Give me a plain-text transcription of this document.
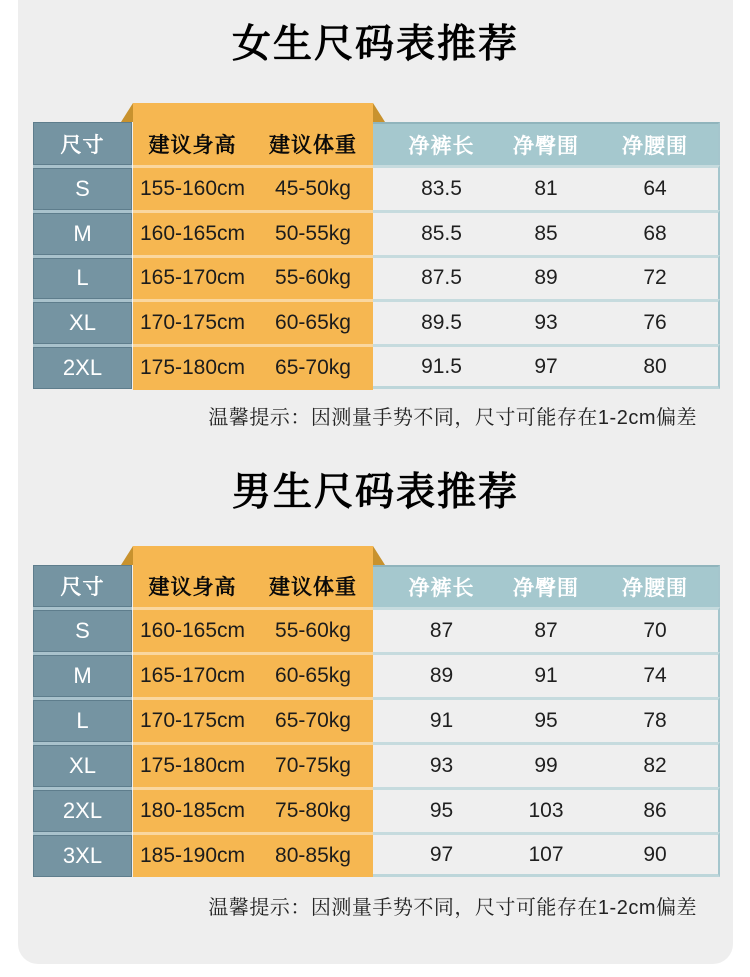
女生尺码表推荐
尺寸	建议身高	建议体重	净裤长	净臀围	净腰围
S	155-160cm	45-50kg	83.5	81	64
M	160-165cm	50-55kg	85.5	85	68
L	165-170cm	55-60kg	87.5	89	72
XL	170-175cm	60-65kg	89.5	93	76
2XL	175-180cm	65-70kg	91.5	97	80
温馨提示：因测量手势不同，尺寸可能存在1-2cm偏差
男生尺码表推荐
尺寸	建议身高	建议体重	净裤长	净臀围	净腰围
S	160-165cm	55-60kg	87	87	70
M	165-170cm	60-65kg	89	91	74
L	170-175cm	65-70kg	91	95	78
XL	175-180cm	70-75kg	93	99	82
2XL	180-185cm	75-80kg	95	103	86
3XL	185-190cm	80-85kg	97	107	90
温馨提示：因测量手势不同，尺寸可能存在1-2cm偏差
